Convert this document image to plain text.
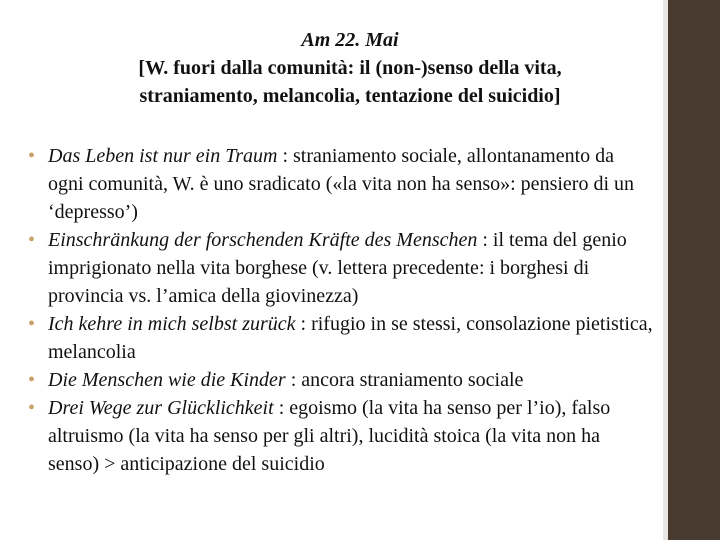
Am 22. Mai
[W. fuori dalla comunità: il (non-)senso della vita,
straniamento, melancolia, tentazione del suicidio]
• Das Leben ist nur ein Traum : straniamento sociale, allontanamento da ogni comunità, W. è uno sradicato («la vita non ha senso»: pensiero di un ‘depresso’)
• Einschränkung der forschenden Kräfte des Menschen : il tema del genio imprigionato nella vita borghese (v. lettera precedente: i borghesi di provincia vs. l’amica della giovinezza)
• Ich kehre in mich selbst zurück : rifugio in se stessi, consolazione pietistica, melancolia
• Die Menschen wie die Kinder : ancora straniamento sociale
• Drei Wege zur Glücklichkeit : egoismo (la vita ha senso per l’io), falso altruismo (la vita ha senso per gli altri), lucidità stoica (la vita non ha senso) > anticipazione del suicidio
